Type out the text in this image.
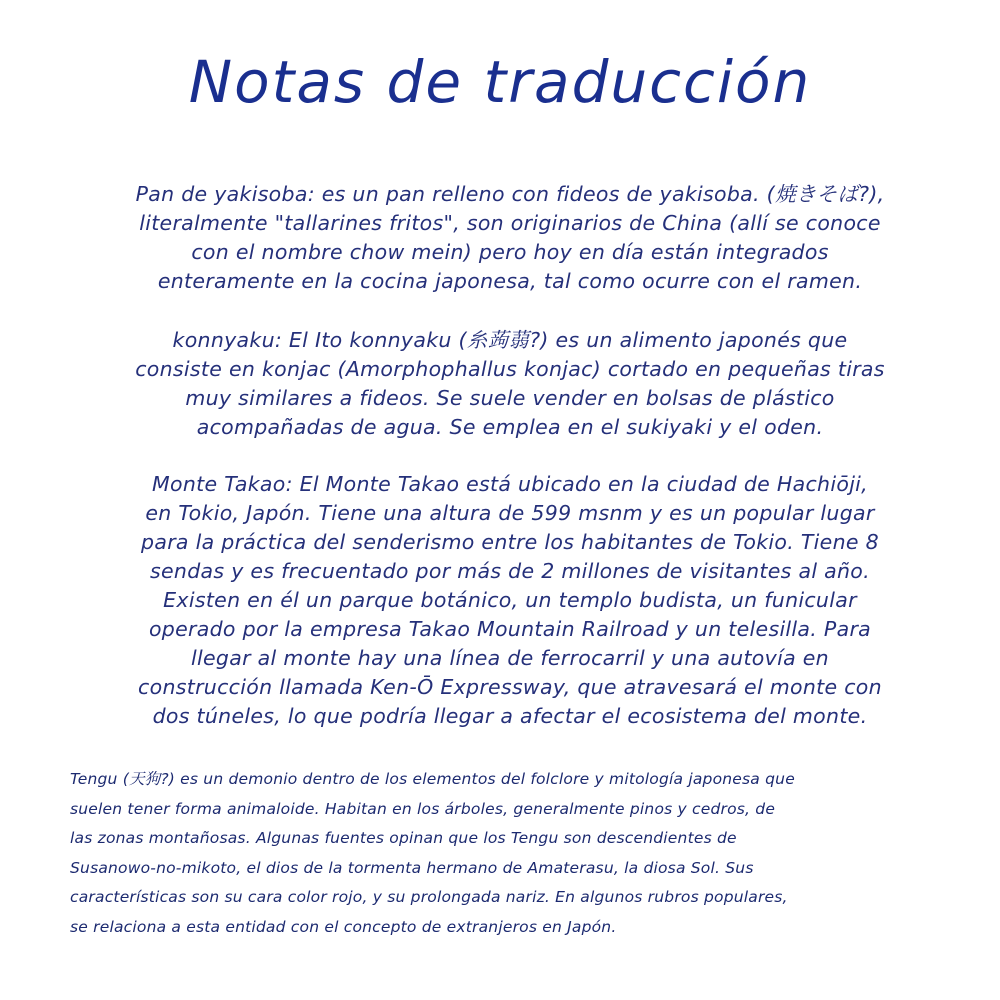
Notas de traducción
Pan de yakisoba: es un pan relleno con fideos de yakisoba. (焼きそば?),
literalmente "tallarines fritos", son originarios de China (allí se conoce
con el nombre chow mein) pero hoy en día están integrados
enteramente en la cocina japonesa, tal como ocurre con el ramen.
konnyaku: El Ito konnyaku (糸蒟蒻?) es un alimento japonés que
consiste en konjac (Amorphophallus konjac) cortado en pequeñas tiras
muy similares a fideos. Se suele vender en bolsas de plástico
acompañadas de agua. Se emplea en el sukiyaki y el oden.
Monte Takao: El Monte Takao está ubicado en la ciudad de Hachiōji,
en Tokio, Japón. Tiene una altura de 599 msnm y es un popular lugar
para la práctica del senderismo entre los habitantes de Tokio. Tiene 8
sendas y es frecuentado por más de 2 millones de visitantes al año.
Existen en él un parque botánico, un templo budista, un funicular
operado por la empresa Takao Mountain Railroad y un telesilla. Para
llegar al monte hay una línea de ferrocarril y una autovía en
construcción llamada Ken-Ō Expressway, que atravesará el monte con
dos túneles, lo que podría llegar a afectar el ecosistema del monte.
Tengu (天狗?) es un demonio dentro de los elementos del folclore y mitología japonesa que
suelen tener forma animaloide. Habitan en los árboles, generalmente pinos y cedros, de
las zonas montañosas. Algunas fuentes opinan que los Tengu son descendientes de
Susanowo-no-mikoto, el dios de la tormenta hermano de Amaterasu, la diosa Sol. Sus
características son su cara color rojo, y su prolongada nariz. En algunos rubros populares,
se relaciona a esta entidad con el concepto de extranjeros en Japón.
